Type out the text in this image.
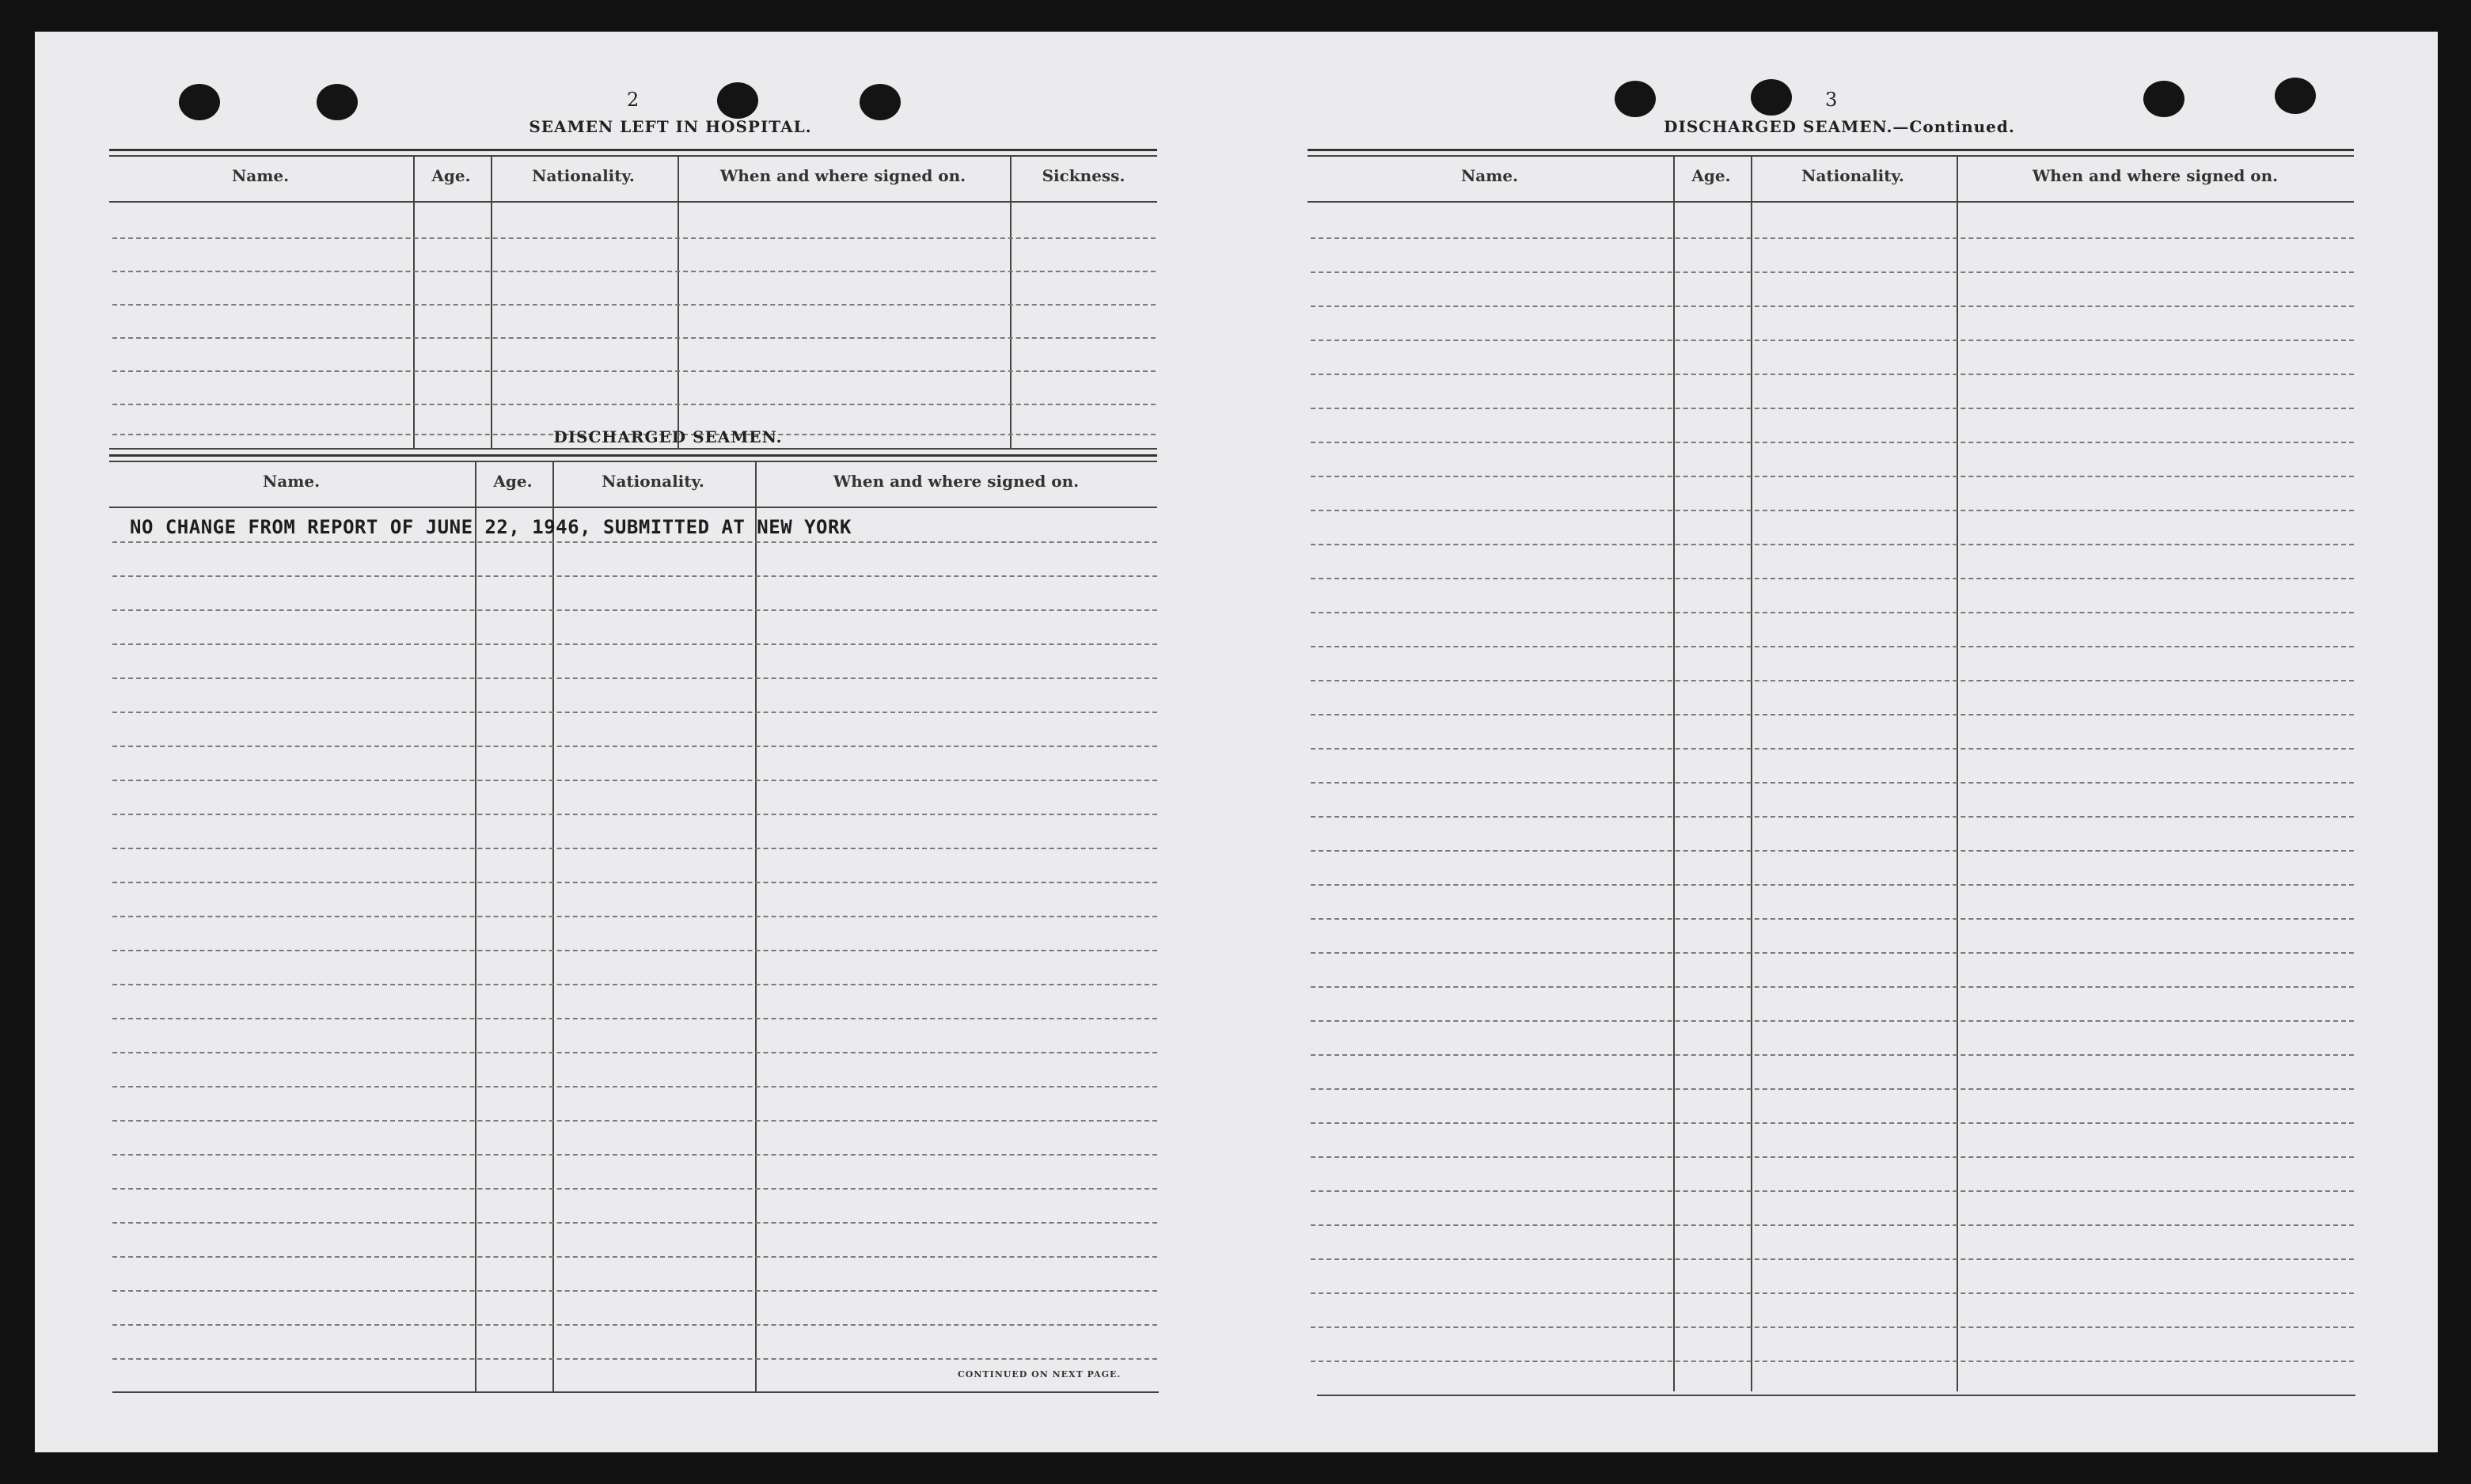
2
SEAMEN LEFT IN HOSPITAL.
Name.	Age.	Nationality.	When and where signed on.	Sickness.
DISCHARGED SEAMEN.
Name.	Age.	Nationality.	When and where signed on.
NO CHANGE FROM REPORT OF JUNE 22, 1946, SUBMITTED AT NEW YORK
CONTINUED ON NEXT PAGE.
3
DISCHARGED SEAMEN.—Continued.
Name.	Age.	Nationality.	When and where signed on.
